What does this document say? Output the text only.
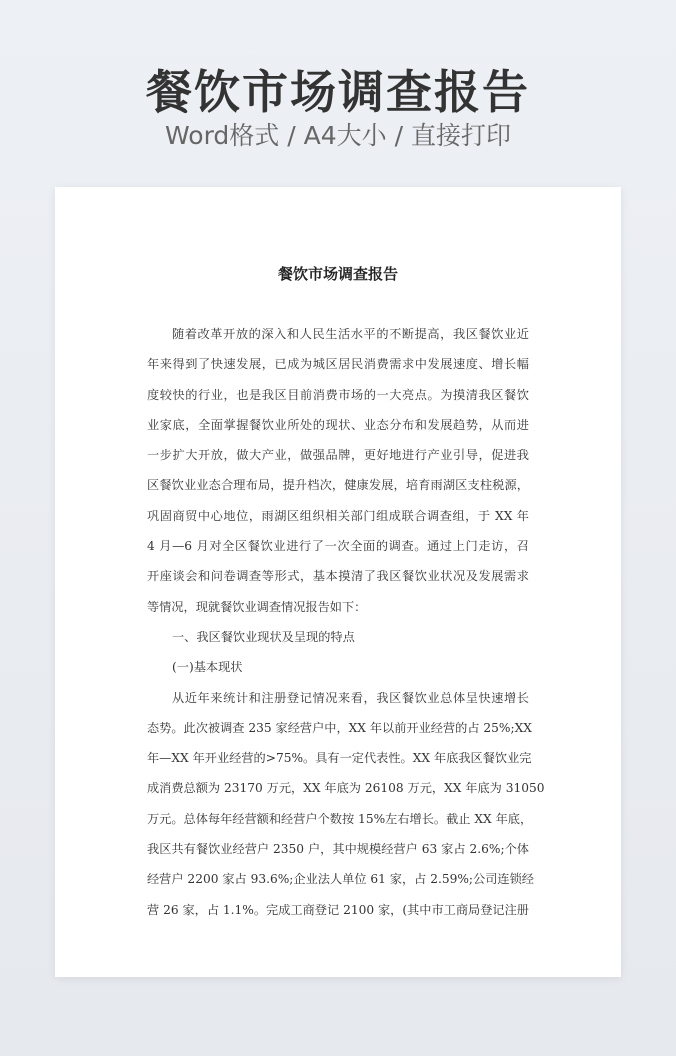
餐饮市场调查报告
Word格式 / A4大小 / 直接打印
餐饮市场调查报告
随着改革开放的深入和人民生活水平的不断提高，我区餐饮业近
年来得到了快速发展，已成为城区居民消费需求中发展速度、增长幅
度较快的行业，也是我区目前消费市场的一大亮点。为摸清我区餐饮
业家底，全面掌握餐饮业所处的现状、业态分布和发展趋势，从而进
一步扩大开放，做大产业，做强品牌，更好地进行产业引导，促进我
区餐饮业业态合理布局，提升档次，健康发展，培育雨湖区支柱税源，
巩固商贸中心地位，雨湖区组织相关部门组成联合调查组，于 XX 年
4 月—6 月对全区餐饮业进行了一次全面的调查。通过上门走访，召
开座谈会和问卷调查等形式，基本摸清了我区餐饮业状况及发展需求
等情况，现就餐饮业调查情况报告如下：
一、我区餐饮业现状及呈现的特点
(一)基本现状
从近年来统计和注册登记情况来看，我区餐饮业总体呈快速增长
态势。此次被调查 235 家经营户中，XX 年以前开业经营的占 25%;XX
年—XX 年开业经营的>75%。具有一定代表性。XX 年底我区餐饮业完
成消费总额为 23170 万元，XX 年底为 26108 万元，XX 年底为 31050
万元。总体每年经营额和经营户个数按 15%左右增长。截止 XX 年底，
我区共有餐饮业经营户 2350 户，其中规模经营户 63 家占 2.6%;个体
经营户 2200 家占 93.6%;企业法人单位 61 家，占 2.59%;公司连锁经
营 26 家，占 1.1%。完成工商登记 2100 家，(其中市工商局登记注册
